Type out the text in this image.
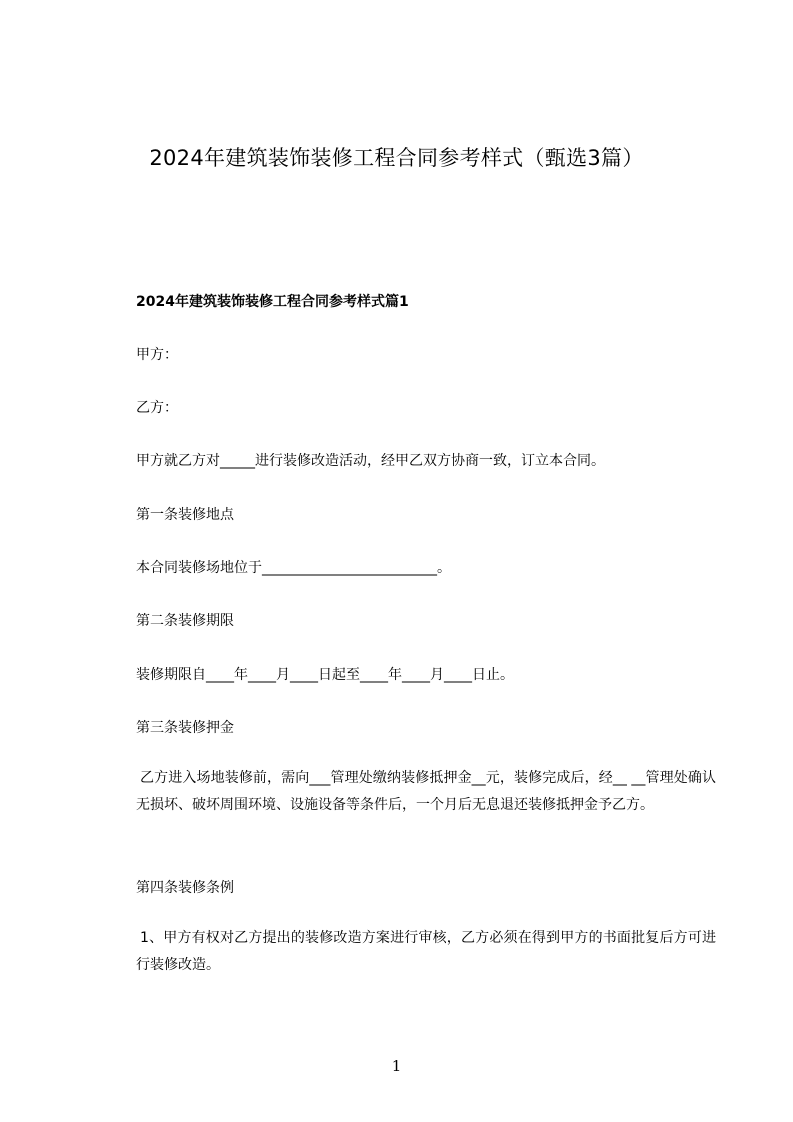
2024年建筑装饰装修工程合同参考样式（甄选3篇）
2024年建筑装饰装修工程合同参考样式篇1
甲方：
乙方：
甲方就乙方对_____进行装修改造活动，经甲乙双方协商一致，订立本合同。
第一条装修地点
本合同装修场地位于_________________________。
第二条装修期限
装修期限自____年____月____日起至____年____月____日止。
第三条装修押金
乙方进入场地装修前，需向___管理处缴纳装修抵押金__元，装修完成后，经__ __管理处确认无损坏、破坏周围环境、设施设备等条件后，一个月后无息退还装修抵押金予乙方。
第四条装修条例
1、甲方有权对乙方提出的装修改造方案进行审核，乙方必须在得到甲方的书面批复后方可进行装修改造。
1
